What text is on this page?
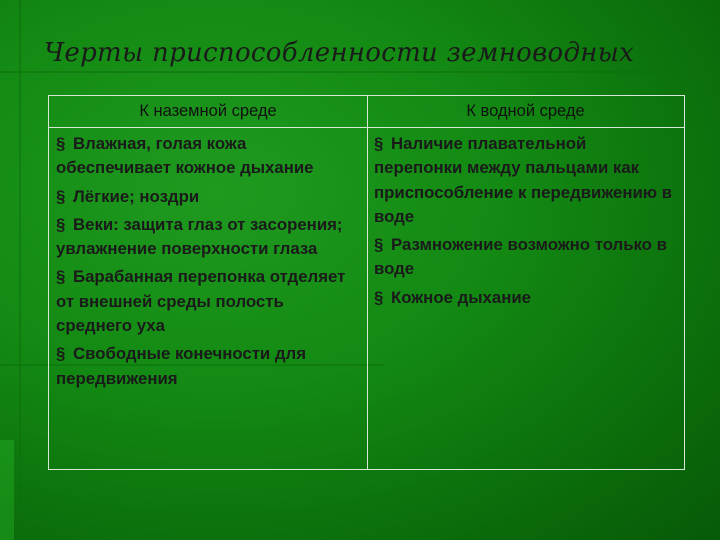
Черты приспособленности земноводных
К наземной среде	К водной среде
§ Влажная, голая кожа обеспечивает кожное дыхание
§ Лёгкие; ноздри
§ Веки: защита глаз от засорения; увлажнение поверхности глаза
§ Барабанная перепонка отделяет от внешней среды полость среднего уха
§ Свободные конечности для передвижения
§ Наличие плавательной перепонки между пальцами как приспособление к передвижению в воде
§ Размножение возможно только в воде
§ Кожное дыхание
